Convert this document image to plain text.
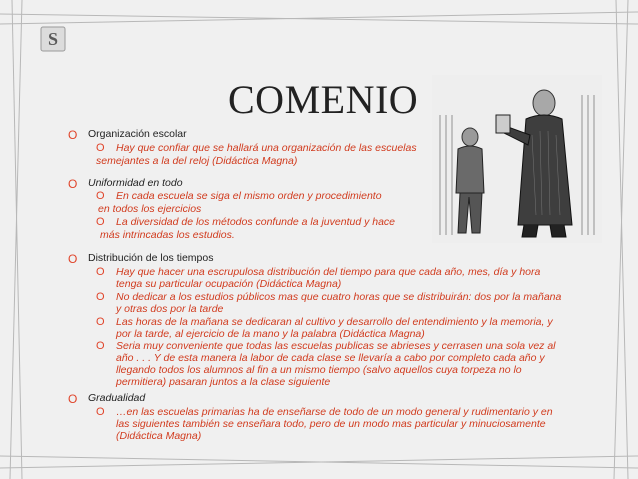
S
COMENIO
O Organización escolar
O Hay que confiar que se hallará una organización de las escuelas
semejantes a la del reloj (Didáctica Magna)
O Uniformidad en todo
O En cada escuela se siga el mismo orden y procedimiento
en todos los ejercicios
O La diversidad de los métodos confunde a la juventud y hace
más intrincadas los estudios.
O Distribución de los tiempos
O Hay que hacer una escrupulosa distribución del tiempo para que cada año, mes, día y hora
tenga su particular ocupación (Didáctica Magna)
O No dedicar a los estudios públicos mas que cuatro horas que se distribuirán: dos por la mañana
y otras dos por la tarde
O Las horas de la mañana se dedicaran al cultivo y desarrollo del entendimiento y la memoria, y
por la tarde, al ejercicio de la mano y la palabra (Didáctica Magna)
O Seria muy conveniente que todas las escuelas publicas se abrieses y cerrasen una sola vez al
año . . . Y de esta manera la labor de cada clase se llevaría a cabo por completo cada año y
llegando todos los alumnos al fin a un mismo tiempo (salvo aquellos cuya torpeza no lo
permitiera) pasaran juntos a la clase siguiente
O Gradualidad
O …en las escuelas primarias ha de enseñarse de todo de un modo general y rudimentario y en
las siguientes también se enseñara todo, pero de un modo mas particular y minuciosamente
(Didáctica Magna)
